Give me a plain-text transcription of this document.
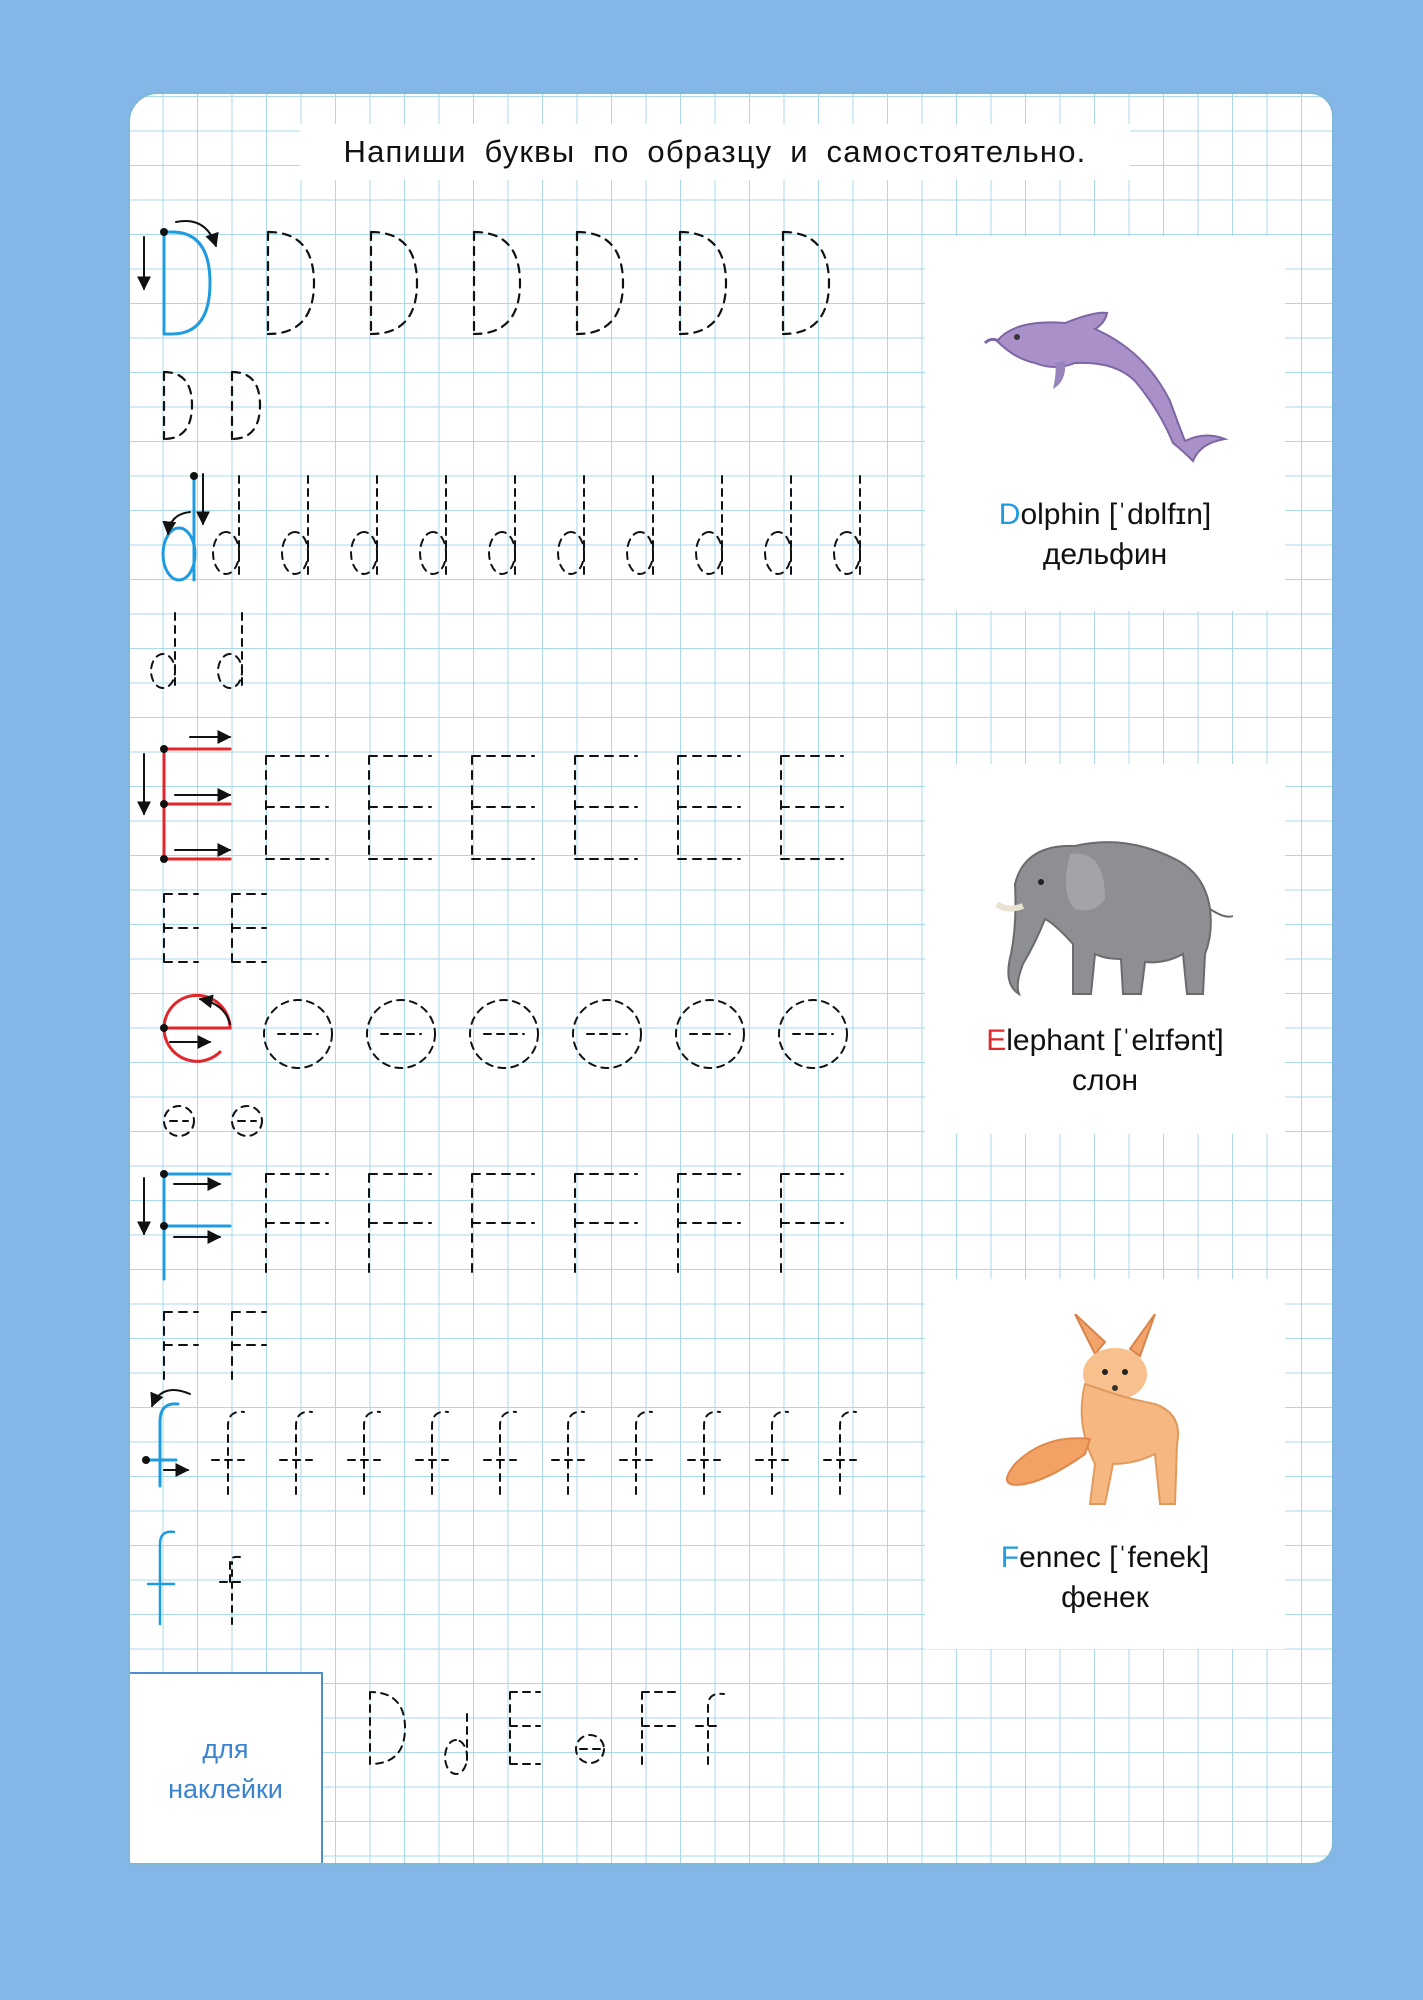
Напиши буквы по образцу и самостоятельно.
Dolphin [ˈdɒlfɪn]
дельфин
Elephant [ˈelɪfənt]
слон
Fennec [ˈfenek]
фенек
для
наклейки
